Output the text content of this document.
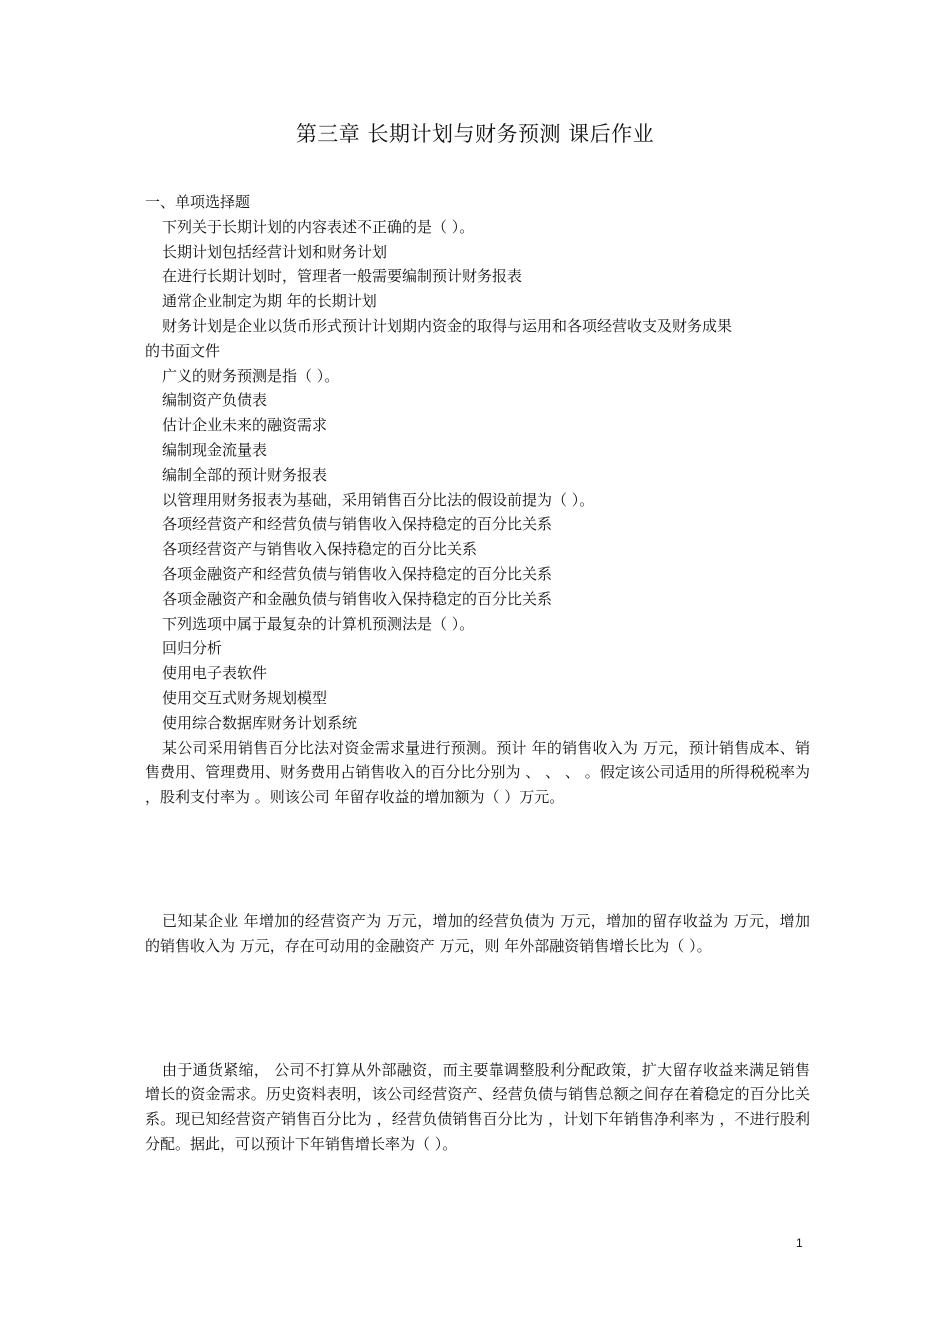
第三章 长期计划与财务预测 课后作业
一、单项选择题
下列关于长期计划的内容表述不正确的是（ ）。
长期计划包括经营计划和财务计划
在进行长期计划时，管理者一般需要编制预计财务报表
通常企业制定为期 年的长期计划
财务计划是企业以货币形式预计计划期内资金的取得与运用和各项经营收支及财务成果
的书面文件
广义的财务预测是指（ ）。
编制资产负债表
估计企业未来的融资需求
编制现金流量表
编制全部的预计财务报表
以管理用财务报表为基础，采用销售百分比法的假设前提为（ ）。
各项经营资产和经营负债与销售收入保持稳定的百分比关系
各项经营资产与销售收入保持稳定的百分比关系
各项金融资产和经营负债与销售收入保持稳定的百分比关系
各项金融资产和金融负债与销售收入保持稳定的百分比关系
下列选项中属于最复杂的计算机预测法是（ ）。
回归分析
使用电子表软件
使用交互式财务规划模型
使用综合数据库财务计划系统
某公司采用销售百分比法对资金需求量进行预测。预计 年的销售收入为 万元，预计销售成本、销售费用、管理费用、财务费用占销售收入的百分比分别为 、 、 、 。假定该公司适用的所得税税率为 ，股利支付率为 。则该公司 年留存收益的增加额为（ ）万元。
已知某企业 年增加的经营资产为 万元，增加的经营负债为 万元，增加的留存收益为 万元，增加的销售收入为 万元，存在可动用的金融资产 万元，则 年外部融资销售增长比为（ ）。
由于通货紧缩， 公司不打算从外部融资，而主要靠调整股利分配政策，扩大留存收益来满足销售增长的资金需求。历史资料表明，该公司经营资产、经营负债与销售总额之间存在着稳定的百分比关系。现已知经营资产销售百分比为 ，经营负债销售百分比为 ，计划下年销售净利率为 ，不进行股利分配。据此，可以预计下年销售增长率为（ ）。
1
